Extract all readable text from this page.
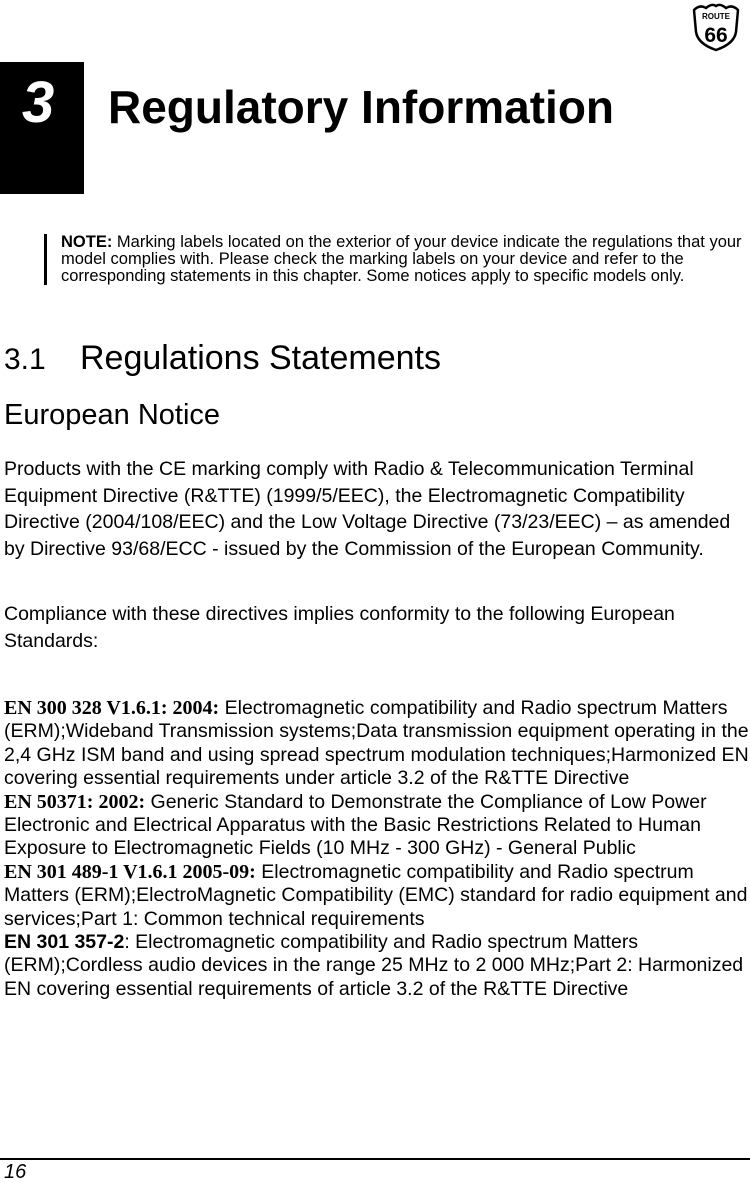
ROUTE
66
3 Regulatory Information
NOTE: Marking labels located on the exterior of your device indicate the regulations that your model complies with. Please check the marking labels on your device and refer to the corresponding statements in this chapter. Some notices apply to specific models only.
3.1 Regulations Statements
European Notice

Products with the CE marking comply with Radio & Telecommunication Terminal Equipment Directive (R&TTE) (1999/5/EEC), the Electromagnetic Compatibility Directive (2004/108/EEC) and the Low Voltage Directive (73/23/EEC) – as amended by Directive 93/68/ECC - issued by the Commission of the European Community.

Compliance with these directives implies conformity to the following European Standards:

EN 300 328 V1.6.1: 2004: Electromagnetic compatibility and Radio spectrum Matters (ERM);Wideband Transmission systems;Data transmission equipment operating in the 2,4 GHz ISM band and using spread spectrum modulation techniques;Harmonized EN covering essential requirements under article 3.2 of the R&TTE Directive

EN 50371: 2002: Generic Standard to Demonstrate the Compliance of Low Power Electronic and Electrical Apparatus with the Basic Restrictions Related to Human Exposure to Electromagnetic Fields (10 MHz - 300 GHz) - General Public

EN 301 489-1 V1.6.1 2005-09: Electromagnetic compatibility and Radio spectrum Matters (ERM);ElectroMagnetic Compatibility (EMC) standard for radio equipment and services;Part 1: Common technical requirements

EN 301 357-2: Electromagnetic compatibility and Radio spectrum Matters (ERM);Cordless audio devices in the range 25 MHz to 2 000 MHz;Part 2: Harmonized EN covering essential requirements of article 3.2 of the R&TTE Directive

16
